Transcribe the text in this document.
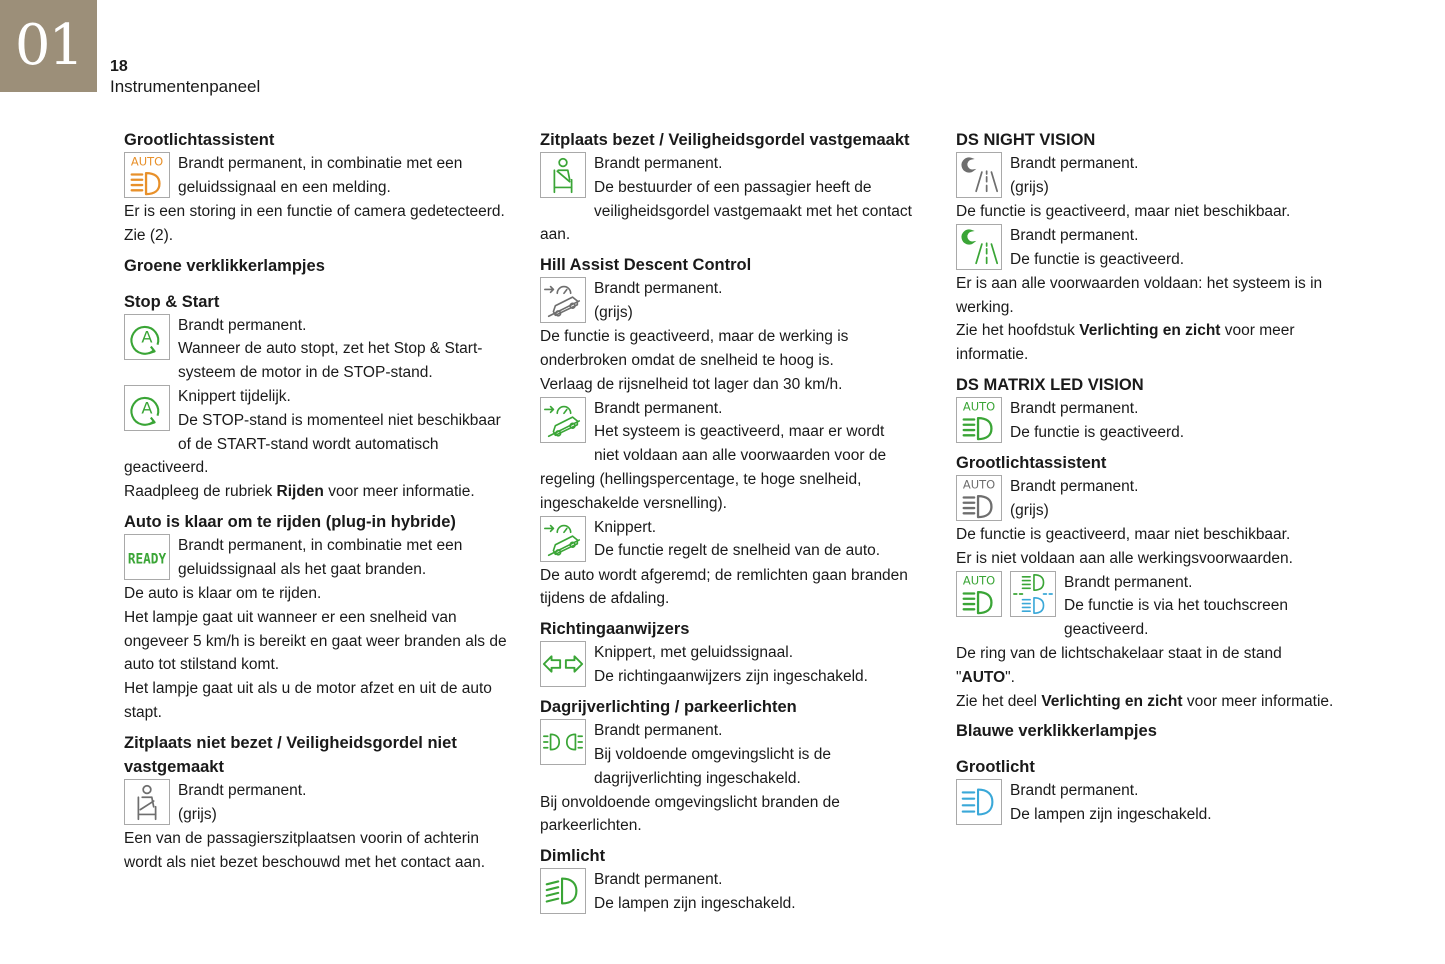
01	18
Instrumentenpaneel
Grootlichtassistent
AUTO Brandt permanent, in combinatie met een
geluidssignaal en een melding.
Er is een storing in een functie of camera gedetecteerd.
Zie (2).
Groene verklikkerlampjes
Stop & Start
A
Brandt permanent.
Wanneer de auto stopt, zet het Stop & Start-
systeem de motor in de STOP-stand.
A
Knippert tijdelijk.
De STOP-stand is momenteel niet beschikbaar
of de START-stand wordt automatisch geactiveerd.
Raadpleeg de rubriek Rijden voor meer informatie.
Auto is klaar om te rijden (plug-in hybride)
READY
Brandt permanent, in combinatie met een
geluidssignaal als het gaat branden.
De auto is klaar om te rijden.
Het lampje gaat uit wanneer er een snelheid van ongeveer 5 km/h is bereikt en gaat weer branden als de auto tot stilstand komt.
Het lampje gaat uit als u de motor afzet en uit de auto stapt.
Zitplaats niet bezet / Veiligheidsgordel niet vastgemaakt
Brandt permanent.
(grijs)
Een van de passagierszitplaatsen voorin of achterin wordt als niet bezet beschouwd met het contact aan.
Zitplaats bezet / Veiligheidsgordel vastgemaakt
Brandt permanent.
De bestuurder of een passagier heeft de
veiligheidsgordel vastgemaakt met het contact aan.
Hill Assist Descent Control
Brandt permanent.
(grijs)
De functie is geactiveerd, maar de werking is onderbroken omdat de snelheid te hoog is.
Verlaag de rijsnelheid tot lager dan 30 km/h.
Brandt permanent.
Het systeem is geactiveerd, maar er wordt
niet voldaan aan alle voorwaarden voor de regeling (hellingspercentage, te hoge snelheid, ingeschakelde versnelling).
Knippert.
De functie regelt de snelheid van de auto.
De auto wordt afgeremd; de remlichten gaan branden tijdens de afdaling.
Richtingaanwijzers
Knippert, met geluidssignaal.
De richtingaanwijzers zijn ingeschakeld.
Dagrijverlichting / parkeerlichten
Brandt permanent.
Bij voldoende omgevingslicht is de
dagrijverlichting ingeschakeld.
Bij onvoldoende omgevingslicht branden de parkeerlichten.
Dimlicht
Brandt permanent.
De lampen zijn ingeschakeld.
DS NIGHT VISION
Brandt permanent.
(grijs)
De functie is geactiveerd, maar niet beschikbaar.
Brandt permanent.
De functie is geactiveerd.
Er is aan alle voorwaarden voldaan: het systeem is in werking.
Zie het hoofdstuk Verlichting en zicht voor meer informatie.
DS MATRIX LED VISION
AUTO Brandt permanent.
De functie is geactiveerd.
Grootlichtassistent
AUTO Brandt permanent.
(grijs)
De functie is geactiveerd, maar niet beschikbaar.
Er is niet voldaan aan alle werkingsvoorwaarden.
AUTO	Brandt permanent.
De functie is via het touchscreen
geactiveerd.
De ring van de lichtschakelaar staat in de stand
"AUTO".
Zie het deel Verlichting en zicht voor meer informatie.
Blauwe verklikkerlampjes
Grootlicht
Brandt permanent.
De lampen zijn ingeschakeld.
